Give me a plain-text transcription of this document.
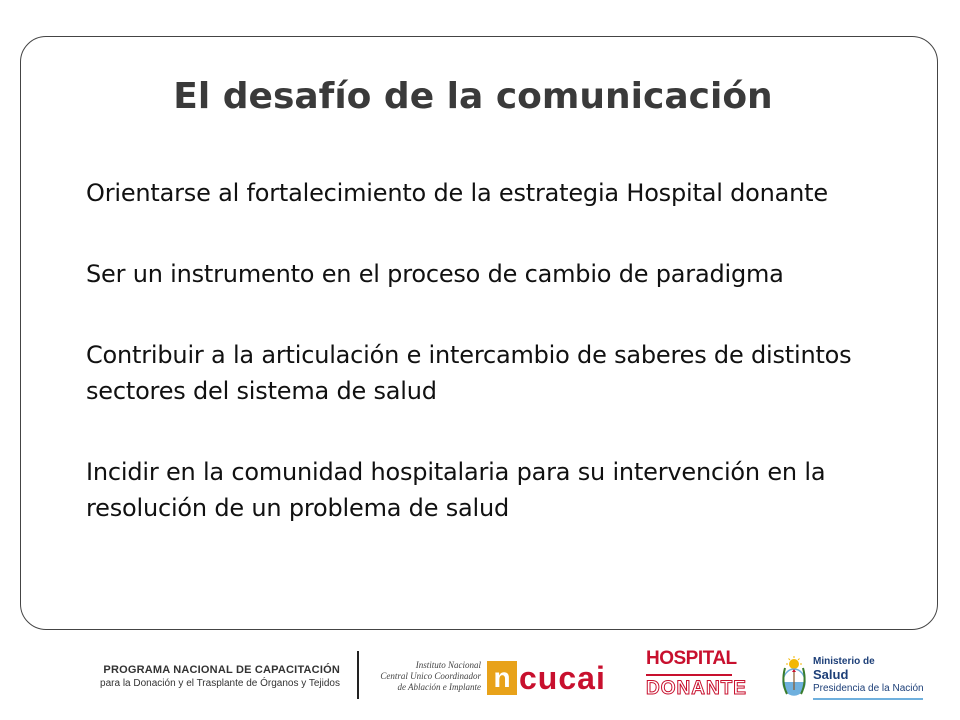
El desafío de la comunicación
Orientarse al fortalecimiento de la estrategia Hospital donante
Ser un instrumento en el proceso de cambio de paradigma
Contribuir a la articulación e intercambio de saberes de distintos sectores del sistema de salud
Incidir en la comunidad hospitalaria para su intervención en la resolución de un problema de salud
PROGRAMA NACIONAL DE CAPACITACIÓN
para la Donación y el Trasplante de Órganos y Tejidos
Instituto Nacional
Central Unico Coordinador
de Ablación e Implante n cucai
HOSPITAL
DONANTE
Ministerio de
Salud
Presidencia de la Nación
